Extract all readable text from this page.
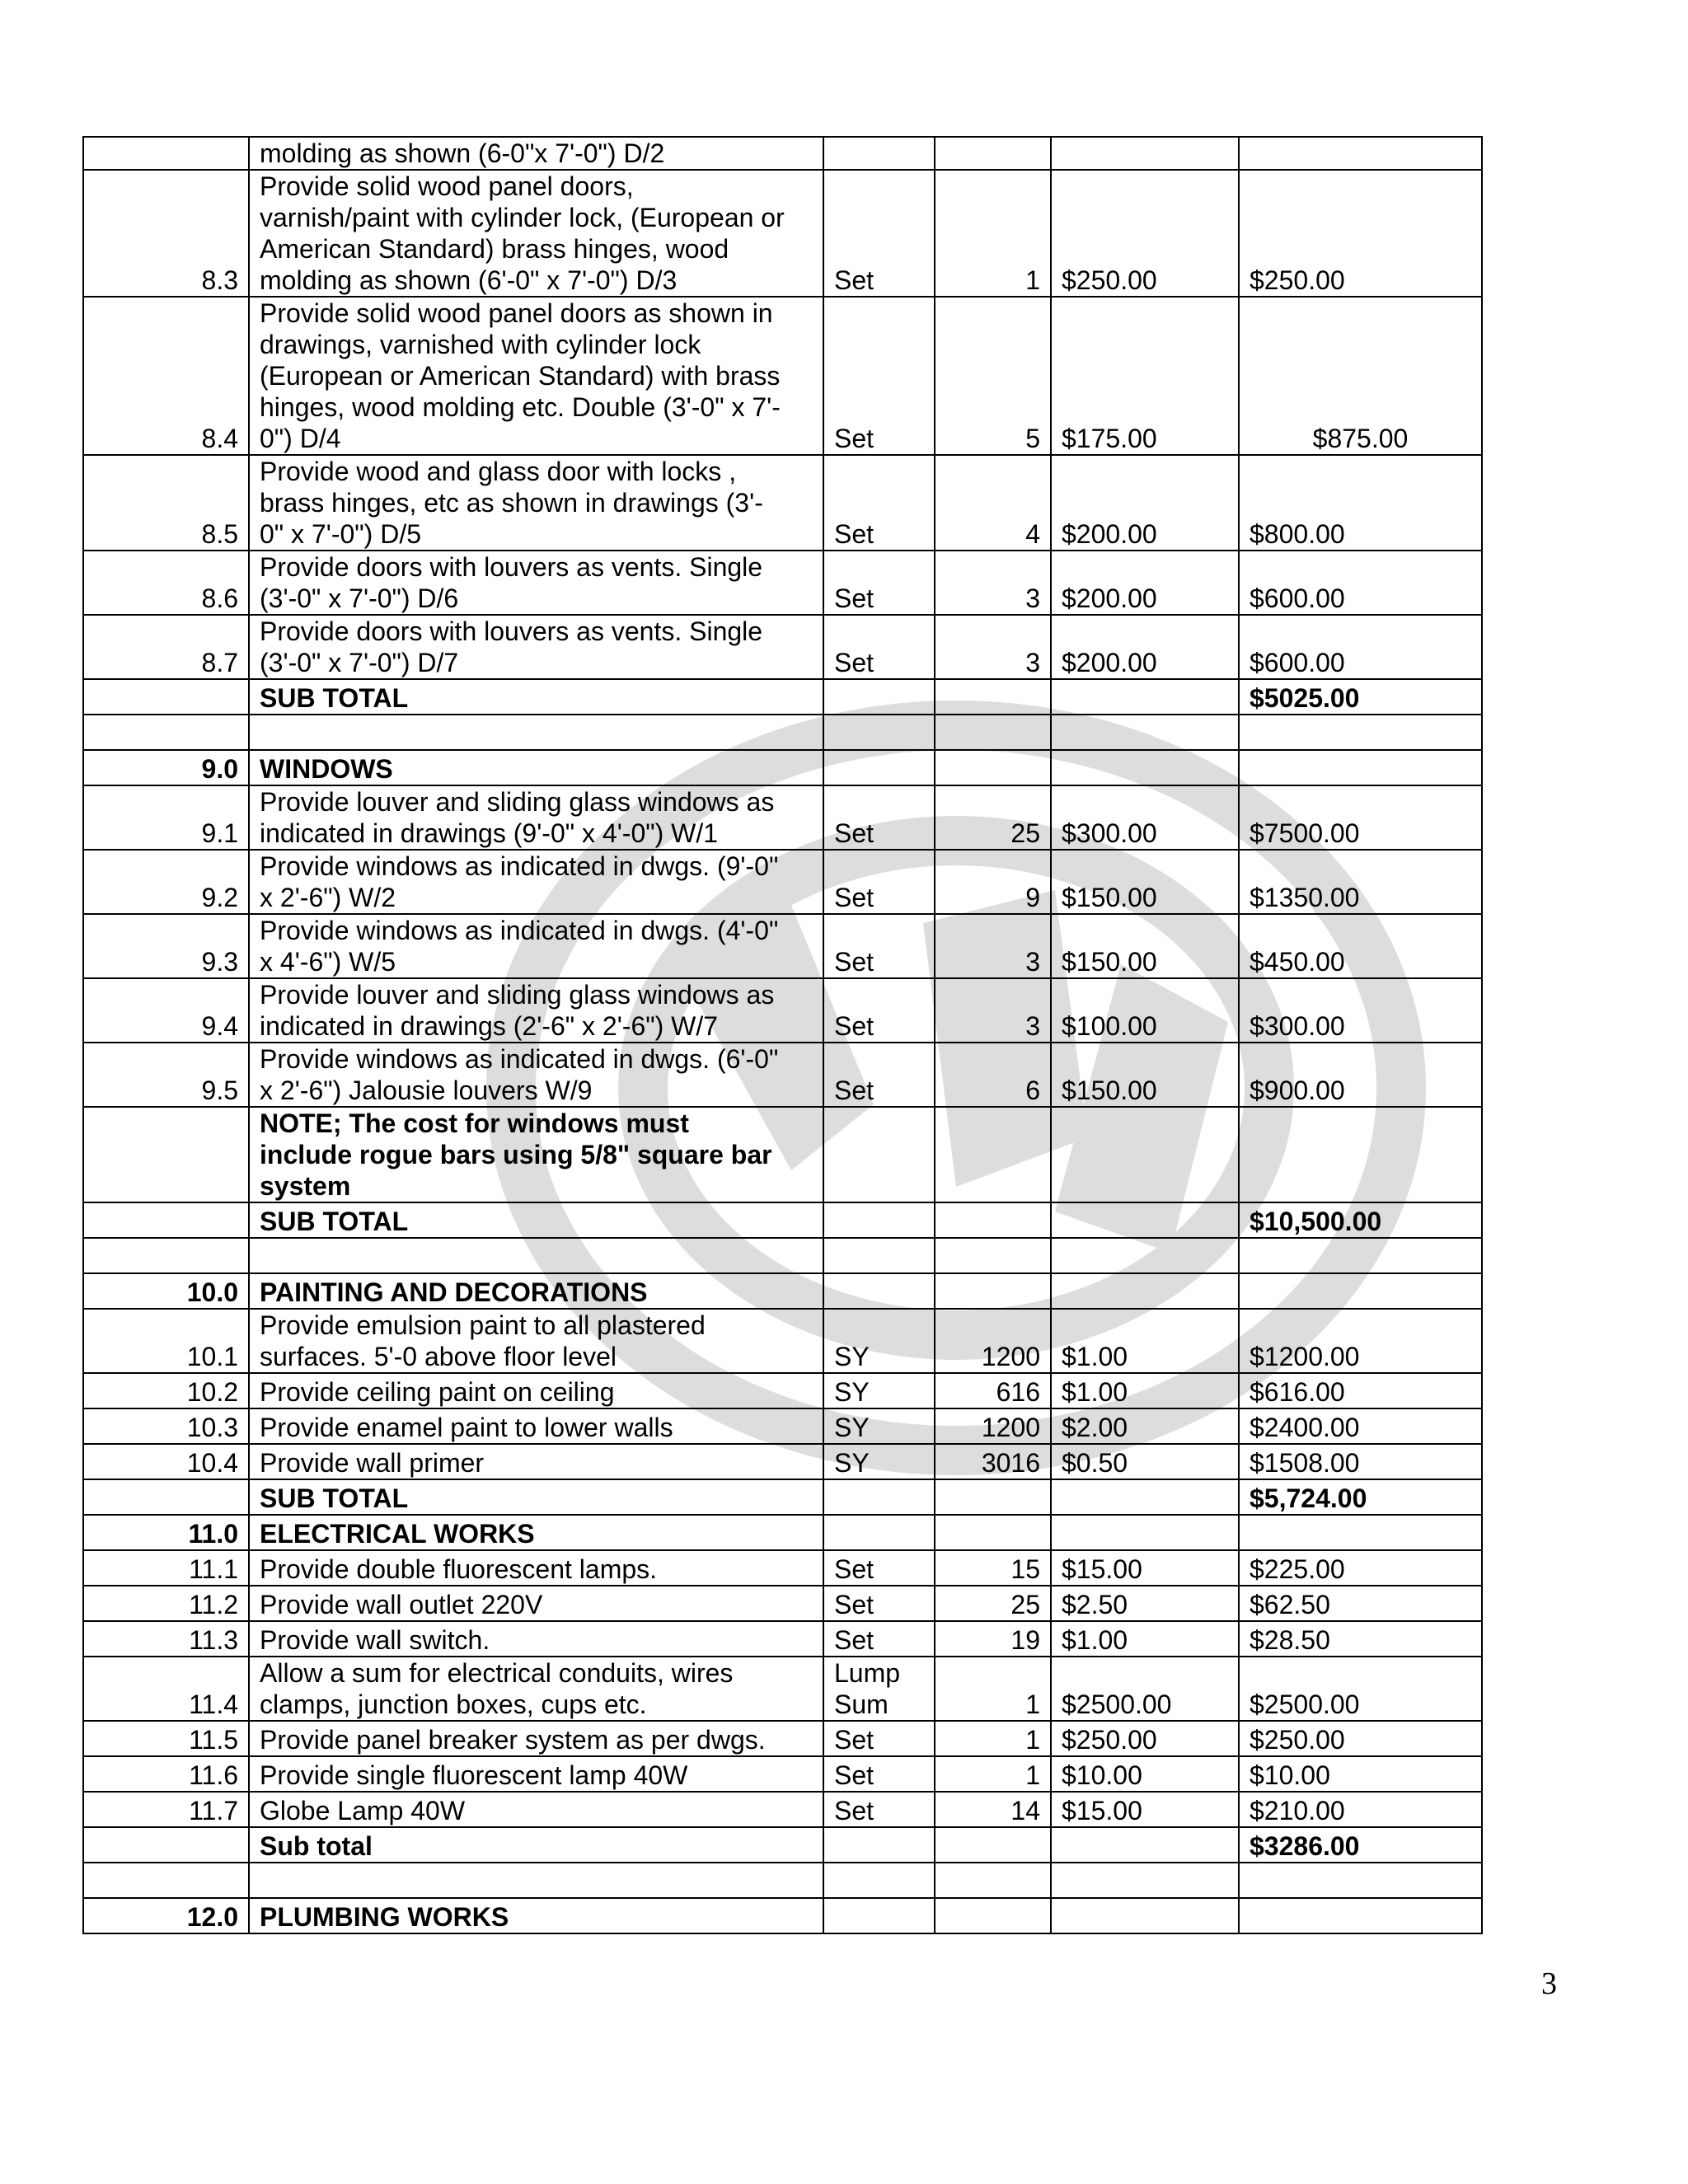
	molding as shown (6-0"x 7'-0") D/2				
8.3	Provide solid wood panel doors,
varnish/paint with cylinder lock, (European or
American Standard) brass hinges, wood
molding as shown (6'-0" x 7'-0") D/3	Set	1	$250.00	$250.00
8.4	Provide solid wood panel doors as shown in
drawings, varnished with cylinder lock
(European or American Standard) with brass
hinges, wood molding etc. Double (3'-0" x 7'-
0") D/4	Set	5	$175.00	$875.00
8.5	Provide wood and glass door with locks ,
brass hinges, etc as shown in drawings (3'-
0" x 7'-0") D/5	Set	4	$200.00	$800.00
8.6	Provide doors with louvers as vents. Single
(3'-0" x 7'-0") D/6	Set	3	$200.00	$600.00
8.7	Provide doors with louvers as vents. Single
(3'-0" x 7'-0") D/7	Set	3	$200.00	$600.00
	SUB TOTAL				$5025.00

9.0	WINDOWS				
9.1	Provide louver and sliding glass windows as
indicated in drawings (9'-0" x 4'-0") W/1	Set	25	$300.00	$7500.00
9.2	Provide windows as indicated in dwgs. (9'-0"
x 2'-6") W/2	Set	9	$150.00	$1350.00
9.3	Provide windows as indicated in dwgs. (4'-0"
x 4'-6") W/5	Set	3	$150.00	$450.00
9.4	Provide louver and sliding glass windows as
indicated in drawings (2'-6" x 2'-6") W/7	Set	3	$100.00	$300.00
9.5	Provide windows as indicated in dwgs. (6'-0"
x 2'-6") Jalousie louvers W/9	Set	6	$150.00	$900.00
	NOTE; The cost for windows must
include rogue bars using 5/8" square bar
system				
	SUB TOTAL				$10,500.00

10.0	PAINTING AND DECORATIONS				
10.1	Provide emulsion paint to all plastered
surfaces. 5'-0 above floor level	SY	1200	$1.00	$1200.00
10.2	Provide ceiling paint on ceiling	SY	616	$1.00	$616.00
10.3	Provide enamel paint to lower walls	SY	1200	$2.00	$2400.00
10.4	Provide wall primer	SY	3016	$0.50	$1508.00
	SUB TOTAL				$5,724.00
11.0	ELECTRICAL WORKS				
11.1	Provide double fluorescent lamps.	Set	15	$15.00	$225.00
11.2	Provide wall outlet 220V	Set	25	$2.50	$62.50
11.3	Provide wall switch.	Set	19	$1.00	$28.50
11.4	Allow a sum for electrical conduits, wires
clamps, junction boxes, cups etc.	Lump
Sum	1	$2500.00	$2500.00
11.5	Provide panel breaker system as per dwgs.	Set	1	$250.00	$250.00
11.6	Provide single fluorescent lamp 40W	Set	1	$10.00	$10.00
11.7	Globe Lamp 40W	Set	14	$15.00	$210.00
	Sub total				$3286.00

12.0	PLUMBING WORKS				
3
